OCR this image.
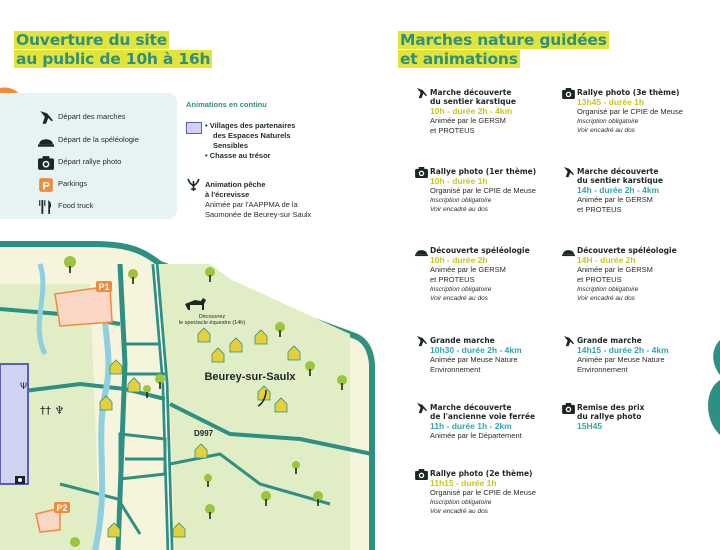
Ouverture du site
au public de 10h à 16h
Marches nature guidées
et animations
Départ des marches
Départ de la spéléologie
Départ rallye photo
P Parkings
Food truck
Animations en continu
• Villages des partenaires
des Espaces Naturels
Sensibles
• Chasse au trésor
Animation pêche
à l'écrevisse
Animée par l'AAPPMA de la
Saumonée de Beurey-sur Saulx
P1
P2
Découvrez
le spectacle équestre (14h)
Beurey-sur-Saulx
D997
†† ♆
Ψ
Marche découverte
du sentier karstique
10h - durée 2h - 4km
Animée par le GERSM
et PROTEUS
Rallye photo (1er thème)
10h - durée 1h
Organisé par le CPIE de Meuse
Inscription obligatoire
Voir encadré au dos
Découverte spéléologie
10h - durée 2h
Animée par le GERSM
et PROTEUS
Inscription obligatoire
Voir encadré au dos
Grande marche
10h30 - durée 2h - 4km
Animée par Meuse Nature
Environnement
Marche découverte
de l'ancienne voie ferrée
11h - durée 1h - 2km
Animée par le Département
Rallye photo (2e thème)
11h15 - durée 1h
Organisé par le CPIE de Meuse
Inscription obligatoire
Voir encadré au dos
Rallye photo (3e thème)
13h45 - durée 1h
Organisé par le CPIE de Meuse
Inscription obligatoire
Voir encadré au dos
Marche découverte
du sentier karstique
14h - durée 2h - 4km
Animée par le GERSM
et PROTEUS
Découverte spéléologie
14H - durée 2h
Animée par le GERSM
et PROTEUS
Inscription obligatoire
Voir encadré au dos
Grande marche
14h15 - durée 2h - 4km
Animée par Meuse Nature
Environnement
Remise des prix
du rallye photo
15H45
